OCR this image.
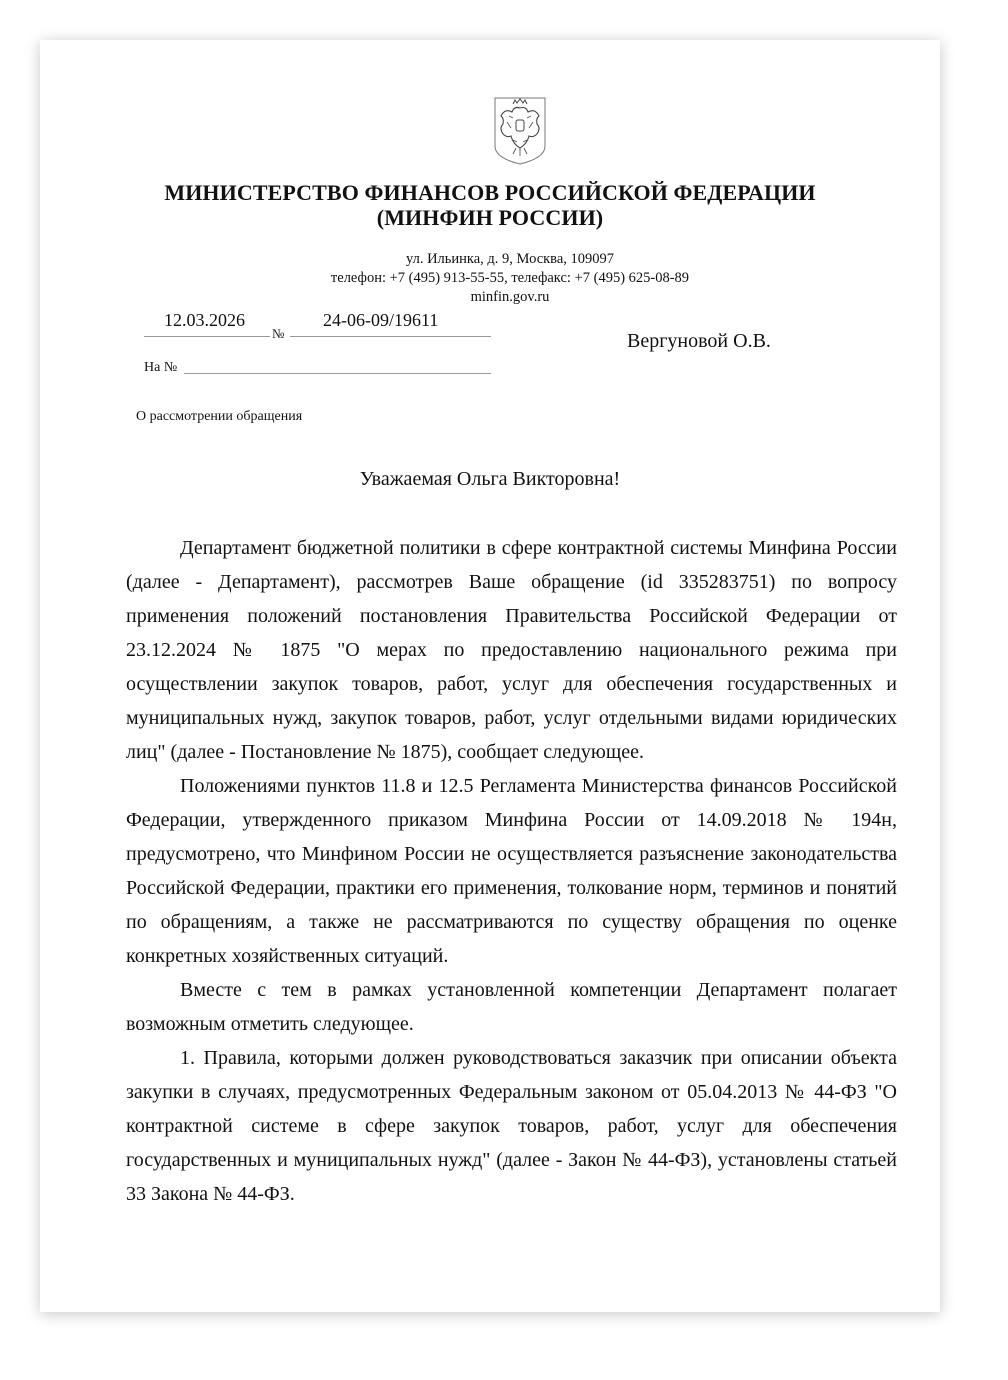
МИНИСТЕРСТВО ФИНАНСОВ РОССИЙСКОЙ ФЕДЕРАЦИИ
(МИНФИН РОССИИ)
ул. Ильинка, д. 9, Москва, 109097
телефон: +7 (495) 913-55-55, телефакс: +7 (495) 625-08-89
minfin.gov.ru
12.03.2026
№
24-06-09/19611
На №
Вергуновой О.В.
О рассмотрении обращения
Уважаемая Ольга Викторовна!

Департамент бюджетной политики в сфере контрактной системы Минфина России (далее - Департамент), рассмотрев Ваше обращение (id 335283751) по вопросу применения положений постановления Правительства Российской Федерации от 23.12.2024 № 1875 "О мерах по предоставлению национального режима при осуществлении закупок товаров, работ, услуг для обеспечения государственных и муниципальных нужд, закупок товаров, работ, услуг отдельными видами юридических лиц" (далее - Постановление № 1875), сообщает следующее.

Положениями пунктов 11.8 и 12.5 Регламента Министерства финансов Российской Федерации, утвержденного приказом Минфина России от 14.09.2018 № 194н, предусмотрено, что Минфином России не осуществляется разъяснение законодательства Российской Федерации, практики его применения, толкование норм, терминов и понятий по обращениям, а также не рассматриваются по существу обращения по оценке конкретных хозяйственных ситуаций.

Вместе с тем в рамках установленной компетенции Департамент полагает возможным отметить следующее.

1. Правила, которыми должен руководствоваться заказчик при описании объекта закупки в случаях, предусмотренных Федеральным законом от 05.04.2013 № 44-ФЗ "О контрактной системе в сфере закупок товаров, работ, услуг для обеспечения государственных и муниципальных нужд" (далее - Закон № 44-ФЗ), установлены статьей 33 Закона № 44-ФЗ.
